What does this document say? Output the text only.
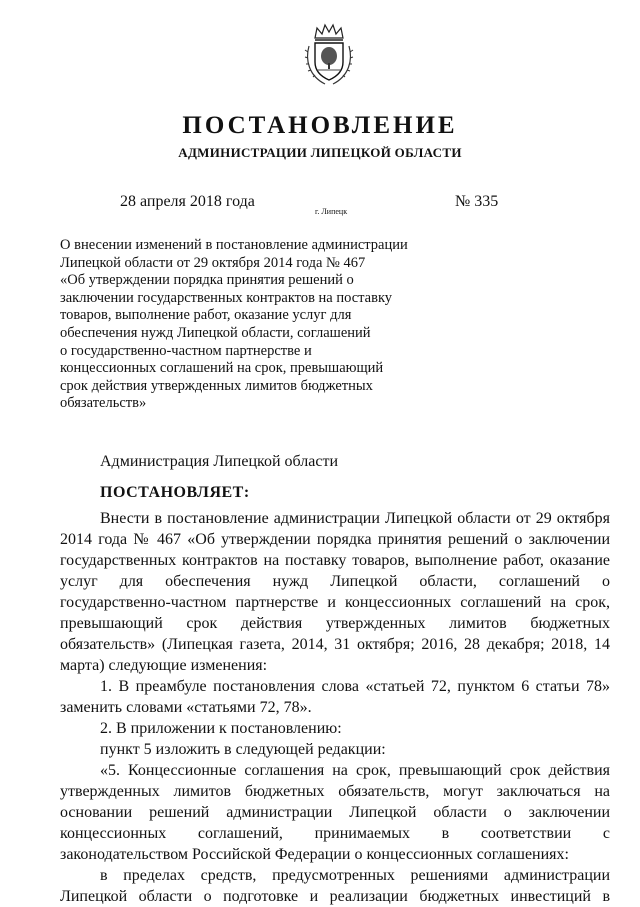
ПОСТАНОВЛЕНИЕ
АДМИНИСТРАЦИИ ЛИПЕЦКОЙ ОБЛАСТИ
28 апреля 2018 года
г. Липецк
№ 335
О внесении изменений в постановление администрации
Липецкой области от 29 октября 2014 года № 467
«Об утверждении порядка принятия решений о
заключении государственных контрактов на поставку
товаров, выполнение работ, оказание услуг для
обеспечения нужд Липецкой области, соглашений
о государственно-частном партнерстве и
концессионных соглашений на срок, превышающий
срок действия утвержденных лимитов бюджетных
обязательств»
Администрация Липецкой области
ПОСТАНОВЛЯЕТ:
Внести в постановление администрации Липецкой области от 29 октября
2014 года № 467 «Об утверждении порядка принятия решений о заключении
государственных контрактов на поставку товаров, выполнение работ, оказание
услуг для обеспечения нужд Липецкой области, соглашений о
государственно-частном партнерстве и концессионных соглашений на срок,
превышающий срок действия утвержденных лимитов бюджетных
обязательств» (Липецкая газета, 2014, 31 октября; 2016, 28 декабря; 2018, 14
марта) следующие изменения:
1. В преамбуле постановления слова «статьей 72, пунктом 6 статьи 78»
заменить словами «статьями 72, 78».
2. В приложении к постановлению:
пункт 5 изложить в следующей редакции:
«5. Концессионные соглашения на срок, превышающий срок действия
утвержденных лимитов бюджетных обязательств, могут заключаться на
основании решений администрации Липецкой области о заключении
концессионных соглашений, принимаемых в соответствии с
законодательством Российской Федерации о концессионных соглашениях:
в пределах средств, предусмотренных решениями администрации
Липецкой области о подготовке и реализации бюджетных инвестиций в
